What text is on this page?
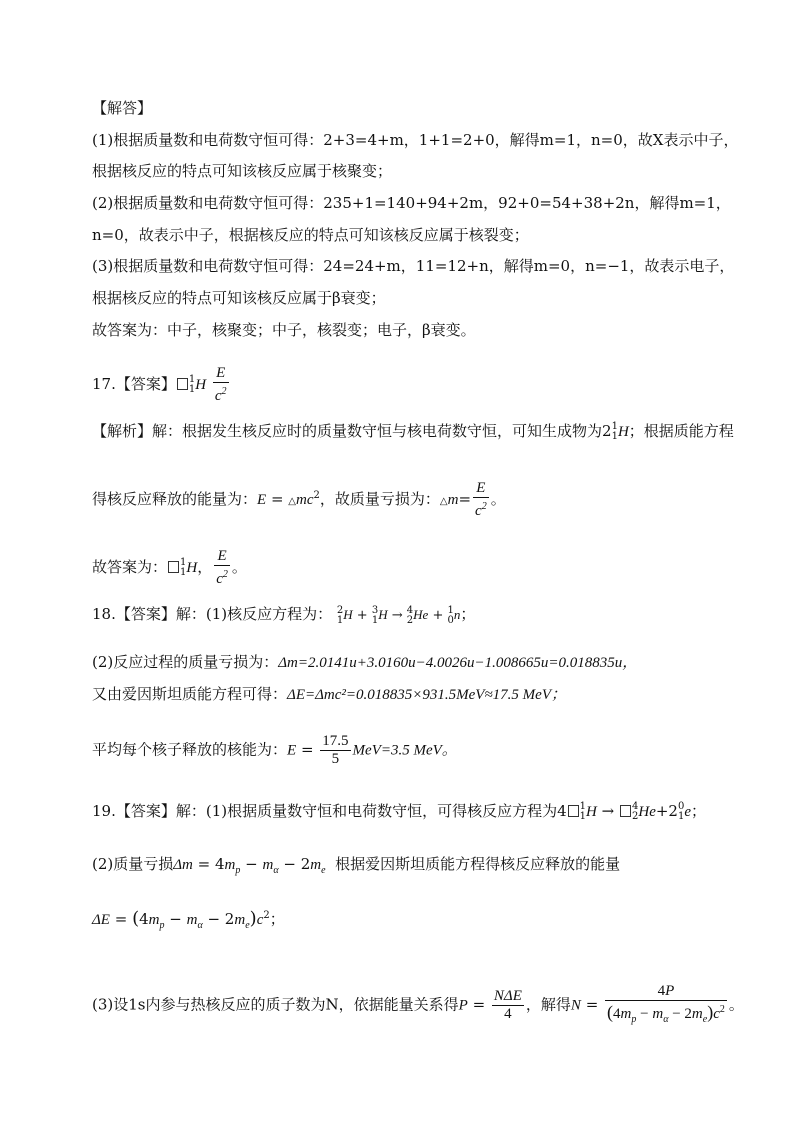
【解答】
(1)根据质量数和电荷数守恒可得：2+3=4+m，1+1=2+0，解得m=1，n=0，故X表示中子，
根据核反应的特点可知该核反应属于核聚变；
(2)根据质量数和电荷数守恒可得：235+1=140+94+2m，92+0=54+38+2n，解得m=1，
n=0，故表示中子，根据核反应的特点可知该核反应属于核裂变；
(3)根据质量数和电荷数守恒可得：24=24+m，11=12+n，解得m=0，n=−1，故表示电子，
根据核反应的特点可知该核反应属于β衰变；
故答案为：中子，核聚变；中子，核裂变；电子，β衰变。
17.【答案】 1
1 H $\frac{E}{c^2}$
【解析】解：根据发生核反应时的质量数守恒与核电荷数守恒，可知生成物为2 1
1 H；根据质能方程
得核反应释放的能量为：$E = \triangle mc^2$，故质量亏损为：△m= $\frac{E}{c^2}$ 。
故答案为： 1
1 H， $\frac{E}{c^2}$ 。
18.【答案】解：(1)核反应方程为： 2
1 H + 3
1 H → 4
2 He + 1
0 n；
(2)反应过程的质量亏损为：Δm=2.0141u+3.0160u−4.0026u−1.008665u=0.018835u，
又由爱因斯坦质能方程可得：ΔE=Δmc²=0.018835×931.5MeV≈17.5 MeV；
平均每个核子释放的核能为：$E = \frac{17.5}{5} MeV=3.5$ MeV。
19.【答案】解：(1)根据质量数守恒和电荷数守恒，可得核反应方程为4 1
1 H → 4
2 He+2 0
1 e；
(2)质量亏损$\Delta m = 4m_p - m_\alpha - 2m_e$ 根据爱因斯坦质能方程得核反应释放的能量
$\Delta E = (4m_p - m_\alpha - 2m_e)c^2$；
(3)设1s内参与热核反应的质子数为N，依据能量关系得$P = \frac{\text{NΔE}}{4}$ ，解得$N = \frac{4P}{(4m_p - m_\alpha - 2m_e)c^2}$ 。
